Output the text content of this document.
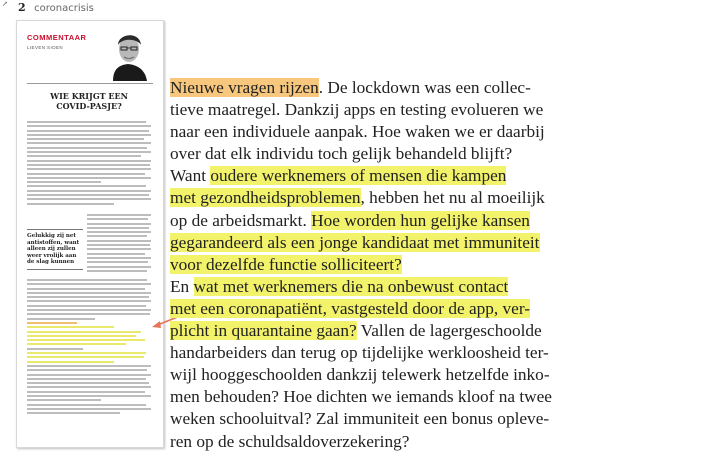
↗ 2 coronacrisis
COMMENTAAR
LIEVEN SIOEN
WIE KRIJGT EEN
COVID-PASJE?
Gelukkig zij net
antistoffen, want
alleen zij zullen
weer vrolijk aan
de slag kunnen
Nieuwe vragen rijzen. De lockdown was een collec-
tieve maatregel. Dankzij apps en testing evolueren we
naar een individuele aanpak. Hoe waken we er daarbij
over dat elk individu toch gelijk behandeld blijft?
Want oudere werknemers of mensen die kampen
met gezondheidsproblemen, hebben het nu al moeilijk
op de arbeidsmarkt. Hoe worden hun gelijke kansen
gegarandeerd als een jonge kandidaat met immuniteit
voor dezelfde functie solliciteert?
En wat met werknemers die na onbewust contact
met een coronapatiënt, vastgesteld door de app, ver-
plicht in quarantaine gaan? Vallen de lagergeschoolde
handarbeiders dan terug op tijdelijke werkloosheid ter-
wijl hooggeschoolden dankzij telewerk hetzelfde inko-
men behouden? Hoe dichten we iemands kloof na twee
weken schooluitval? Zal immuniteit een bonus opleve-
ren op de schuldsaldoverzekering?
